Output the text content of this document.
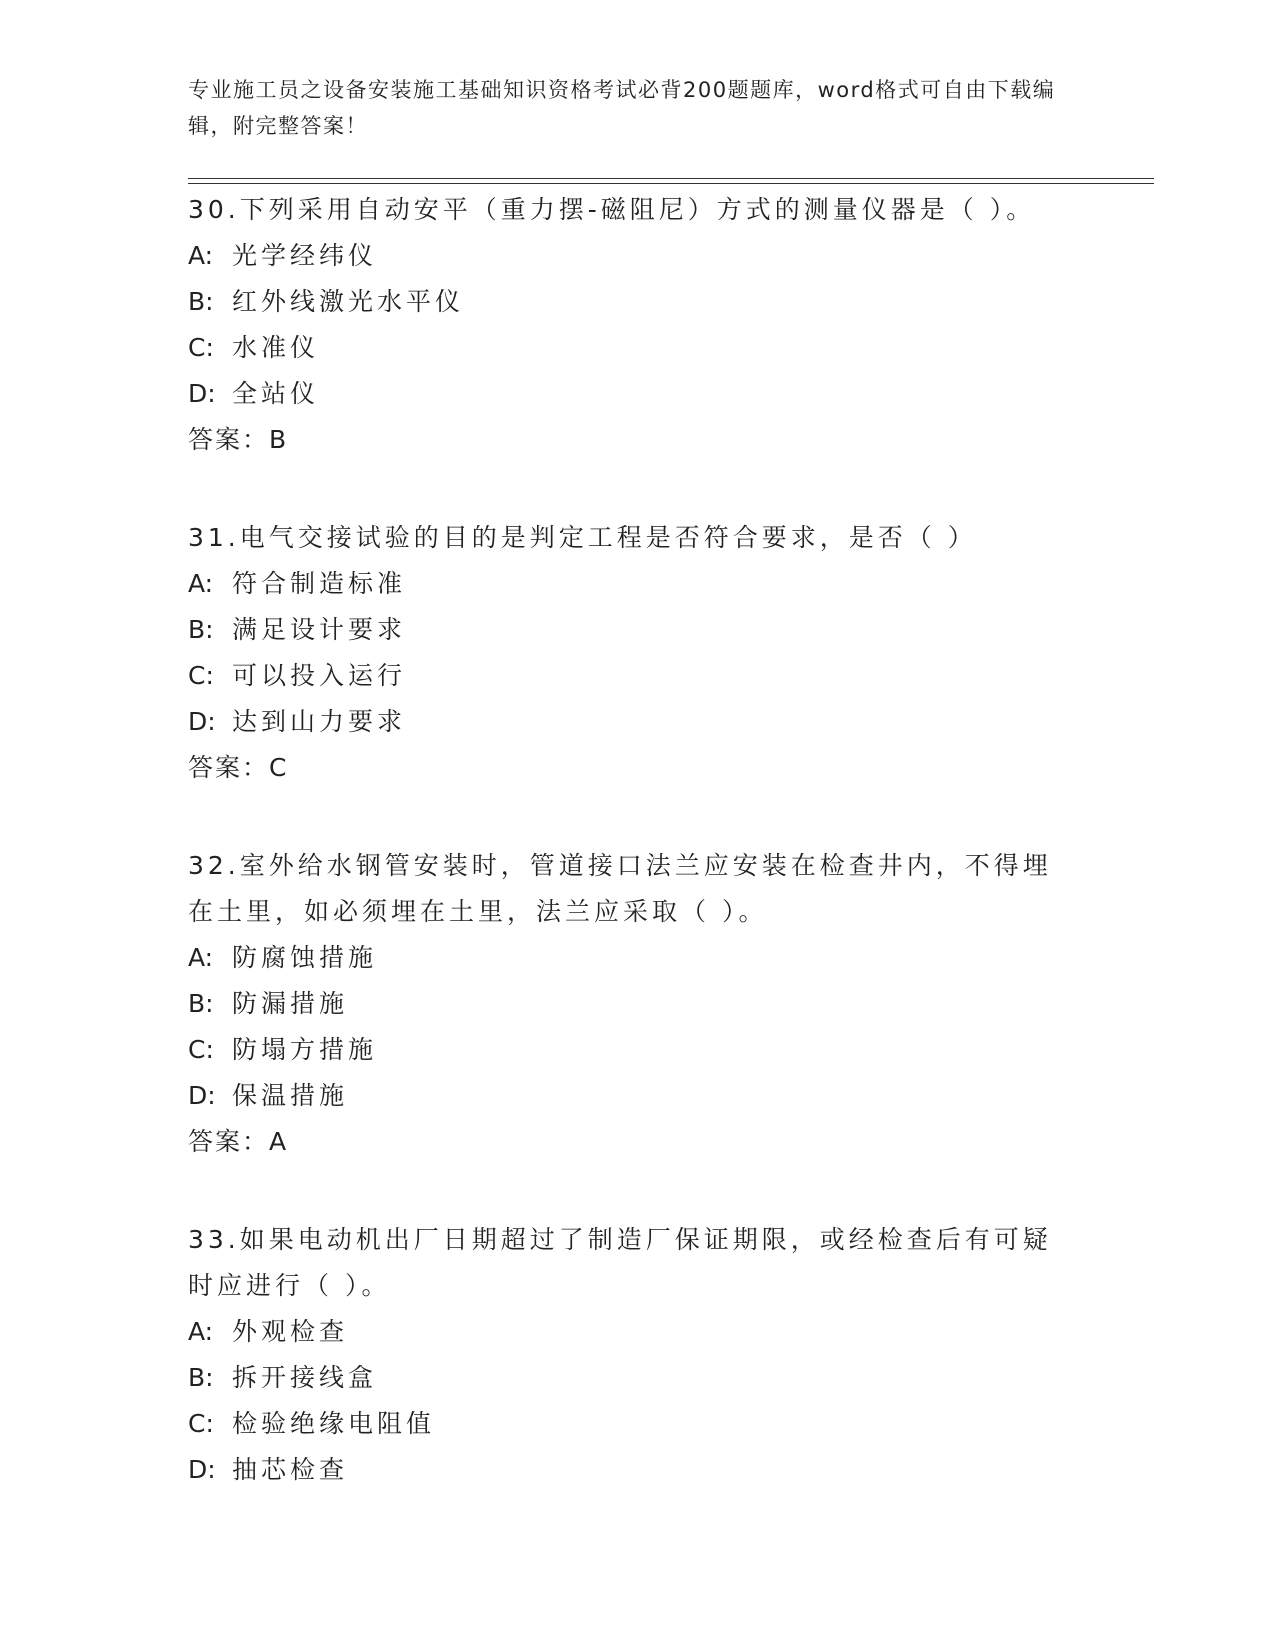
专业施工员之设备安装施工基础知识资格考试必背200题题库，word格式可自由下载编辑，附完整答案！
30.下列采用自动安平（重力摆-磁阻尼）方式的测量仪器是（ ）。
A: 光学经纬仪
B: 红外线激光水平仪
C: 水准仪
D: 全站仪
答案：B
31.电气交接试验的目的是判定工程是否符合要求，是否（ ）
A: 符合制造标准
B: 满足设计要求
C: 可以投入运行
D: 达到山力要求
答案：C
32.室外给水钢管安装时，管道接口法兰应安装在检查井内，不得埋在土里，如必须埋在土里，法兰应采取（ ）。
A: 防腐蚀措施
B: 防漏措施
C: 防塌方措施
D: 保温措施
答案：A
33.如果电动机出厂日期超过了制造厂保证期限，或经检查后有可疑时应进行（ ）。
A: 外观检查
B: 拆开接线盒
C: 检验绝缘电阻值
D: 抽芯检查
